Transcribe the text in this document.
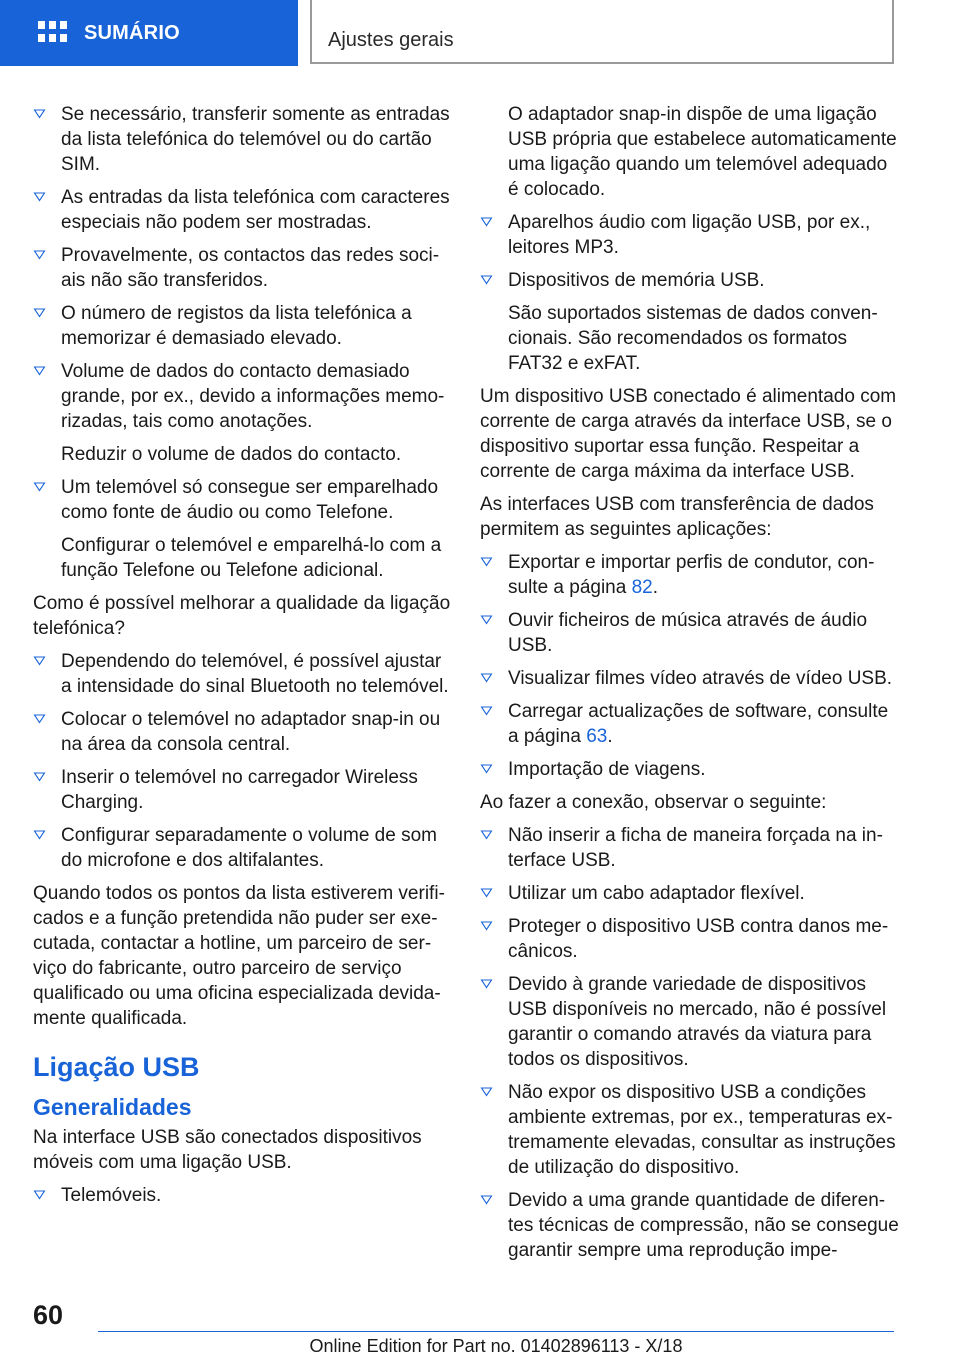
SUMÁRIO	Ajustes gerais
Se necessário, transferir somente as entradas da lista telefónica do telemóvel ou do cartão SIM.
As entradas da lista telefónica com caracteres especiais não podem ser mostradas.
Provavelmente, os contactos das redes sociais não são transferidos.
O número de registos da lista telefónica a memorizar é demasiado elevado.
Volume de dados do contacto demasiado grande, por ex., devido a informações memorizadas, tais como anotações.
Reduzir o volume de dados do contacto.
Um telemóvel só consegue ser emparelhado como fonte de áudio ou como Telefone.
Configurar o telemóvel e emparelhá-lo com a função Telefone ou Telefone adicional.
Como é possível melhorar a qualidade da ligação telefónica?
Dependendo do telemóvel, é possível ajustar a intensidade do sinal Bluetooth no telemóvel.
Colocar o telemóvel no adaptador snap-in ou na área da consola central.
Inserir o telemóvel no carregador Wireless Charging.
Configurar separadamente o volume de som do microfone e dos altifalantes.
Quando todos os pontos da lista estiverem verificados e a função pretendida não puder ser executada, contactar a hotline, um parceiro de serviço do fabricante, outro parceiro de serviço qualificado ou uma oficina especializada devidamente qualificada.
Ligação USB
Generalidades
Na interface USB são conectados dispositivos móveis com uma ligação USB.
Telemóveis.
O adaptador snap-in dispõe de uma ligação USB própria que estabelece automaticamente uma ligação quando um telemóvel adequado é colocado.
Aparelhos áudio com ligação USB, por ex., leitores MP3.
Dispositivos de memória USB.
São suportados sistemas de dados convencionais. São recomendados os formatos FAT32 e exFAT.
Um dispositivo USB conectado é alimentado com corrente de carga através da interface USB, se o dispositivo suportar essa função. Respeitar a corrente de carga máxima da interface USB.
As interfaces USB com transferência de dados permitem as seguintes aplicações:
Exportar e importar perfis de condutor, consulte a página 82.
Ouvir ficheiros de música através de áudio USB.
Visualizar filmes vídeo através de vídeo USB.
Carregar actualizações de software, consulte a página 63.
Importação de viagens.
Ao fazer a conexão, observar o seguinte:
Não inserir a ficha de maneira forçada na interface USB.
Utilizar um cabo adaptador flexível.
Proteger o dispositivo USB contra danos mecânicos.
Devido à grande variedade de dispositivos USB disponíveis no mercado, não é possível garantir o comando através da viatura para todos os dispositivos.
Não expor os dispositivo USB a condições ambiente extremas, por ex., temperaturas extremamente elevadas, consultar as instruções de utilização do dispositivo.
Devido a uma grande quantidade de diferentes técnicas de compressão, não se consegue garantir sempre uma reprodução impe-
60
Online Edition for Part no. 01402896113 - X/18
